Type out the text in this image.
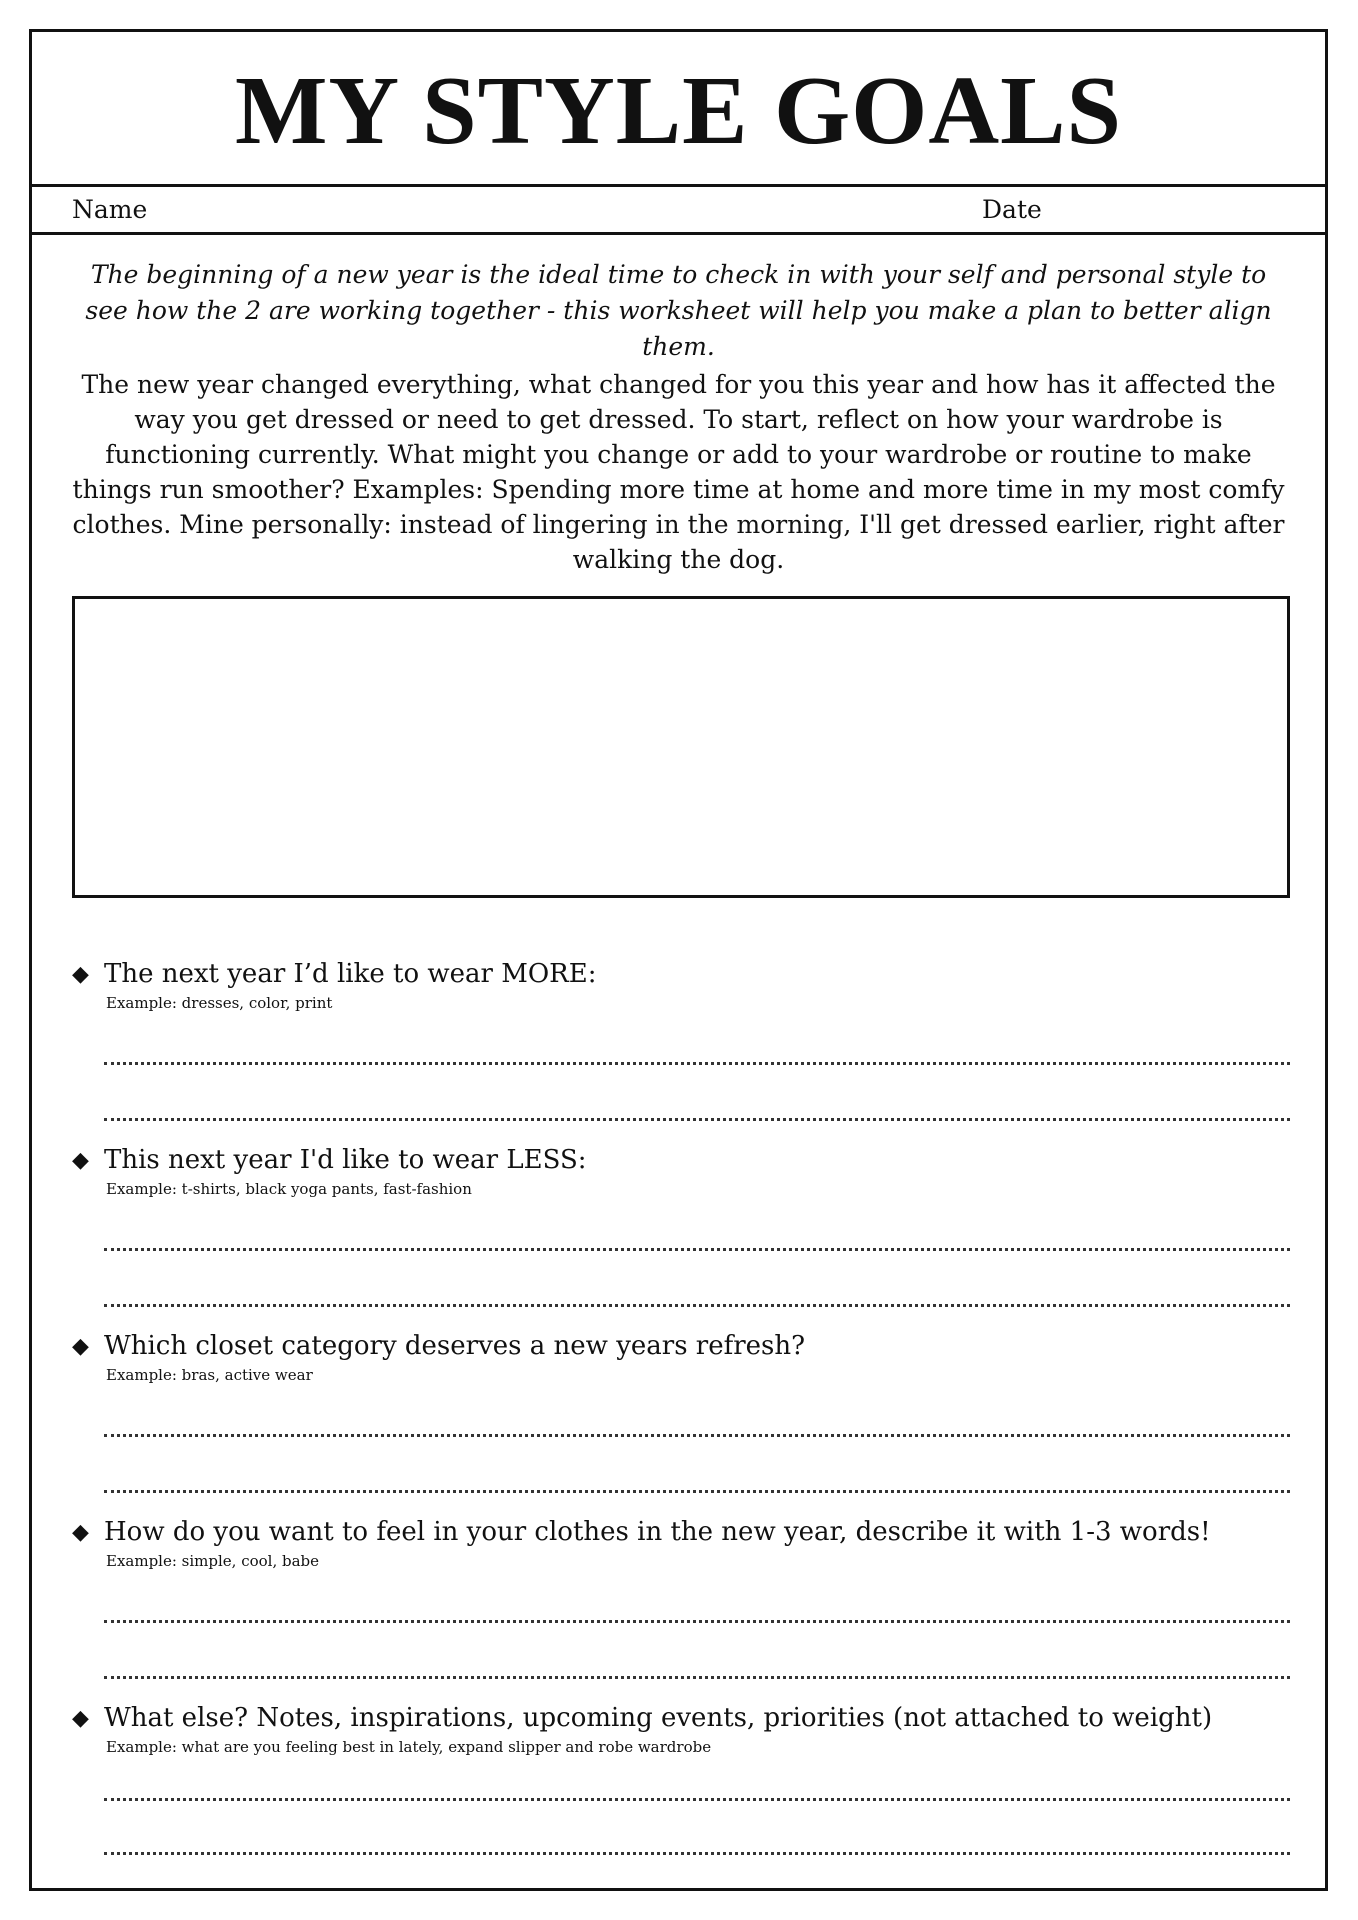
MY STYLE GOALS
Name	Date

The beginning of a new year is the ideal time to check in with your self and personal style to see how the 2 are working together - this worksheet will help you make a plan to better align them.

The new year changed everything, what changed for you this year and how has it affected the way you get dressed or need to get dressed. To start, reflect on how your wardrobe is functioning currently. What might you change or add to your wardrobe or routine to make things run smoother? Examples: Spending more time at home and more time in my most comfy clothes. Mine personally: instead of lingering in the morning, I'll get dressed earlier, right after walking the dog.

◆ The next year I’d like to wear MORE:
Example: dresses, color, print
◆ This next year I'd like to wear LESS:
Example: t-shirts, black yoga pants, fast-fashion
◆ Which closet category deserves a new years refresh?
Example: bras, active wear
◆ How do you want to feel in your clothes in the new year, describe it with 1-3 words!
Example: simple, cool, babe
◆ What else? Notes, inspirations, upcoming events, priorities (not attached to weight)
Example: what are you feeling best in lately, expand slipper and robe wardrobe
